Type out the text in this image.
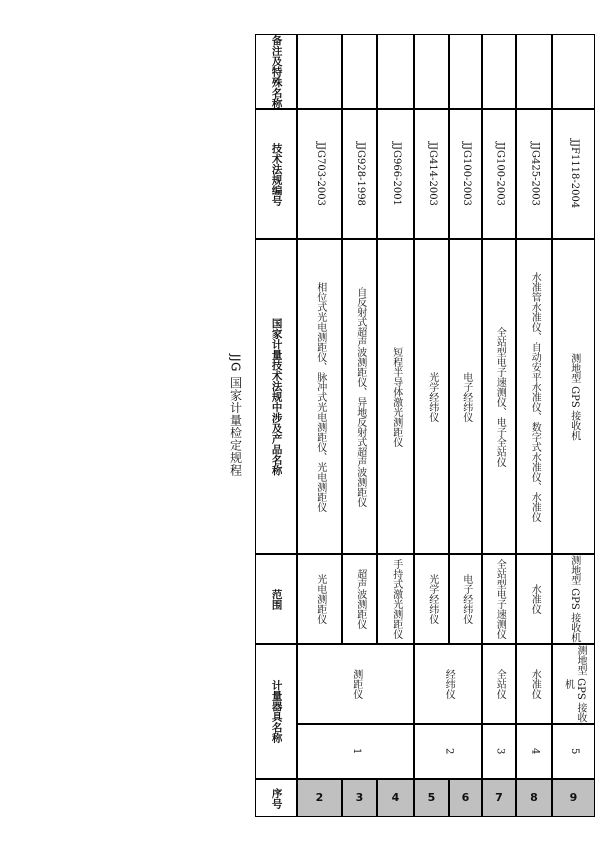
JJG 国家计量检定规程
备注及特殊名称
技术法规编号
国家计量技术法规中涉及产品名称
范围
计量器具名称
序号
JJG703-2003
相位式光电测距仪、脉冲式光电测距仪、光电测距仪
光电测距仪
2
JJG928-1998
自反射式超声波测距仪、异地反射式超声波测距仪
超声波测距仪
3
JJG966-2001
短程半导体激光测距仪
手持式激光测距仪
4
JJG414-2003
光学经纬仪
光学经纬仪
5
JJG100-2003
电子经纬仪
电子经纬仪
6
JJG100-2003
全站型电子速测仪、电子全站仪
全站型电子速测仪
7
JJG425-2003
水准管水准仪、自动安平水准仪、数字式水准仪、水准仪
水准仪
8
JJF1118-2004
测地型 GPS 接收机
测地型 GPS 接收机
9
测距仪
1
经纬仪
2
全站仪
3
水准仪
4
测地型 GPS 接收机
5
